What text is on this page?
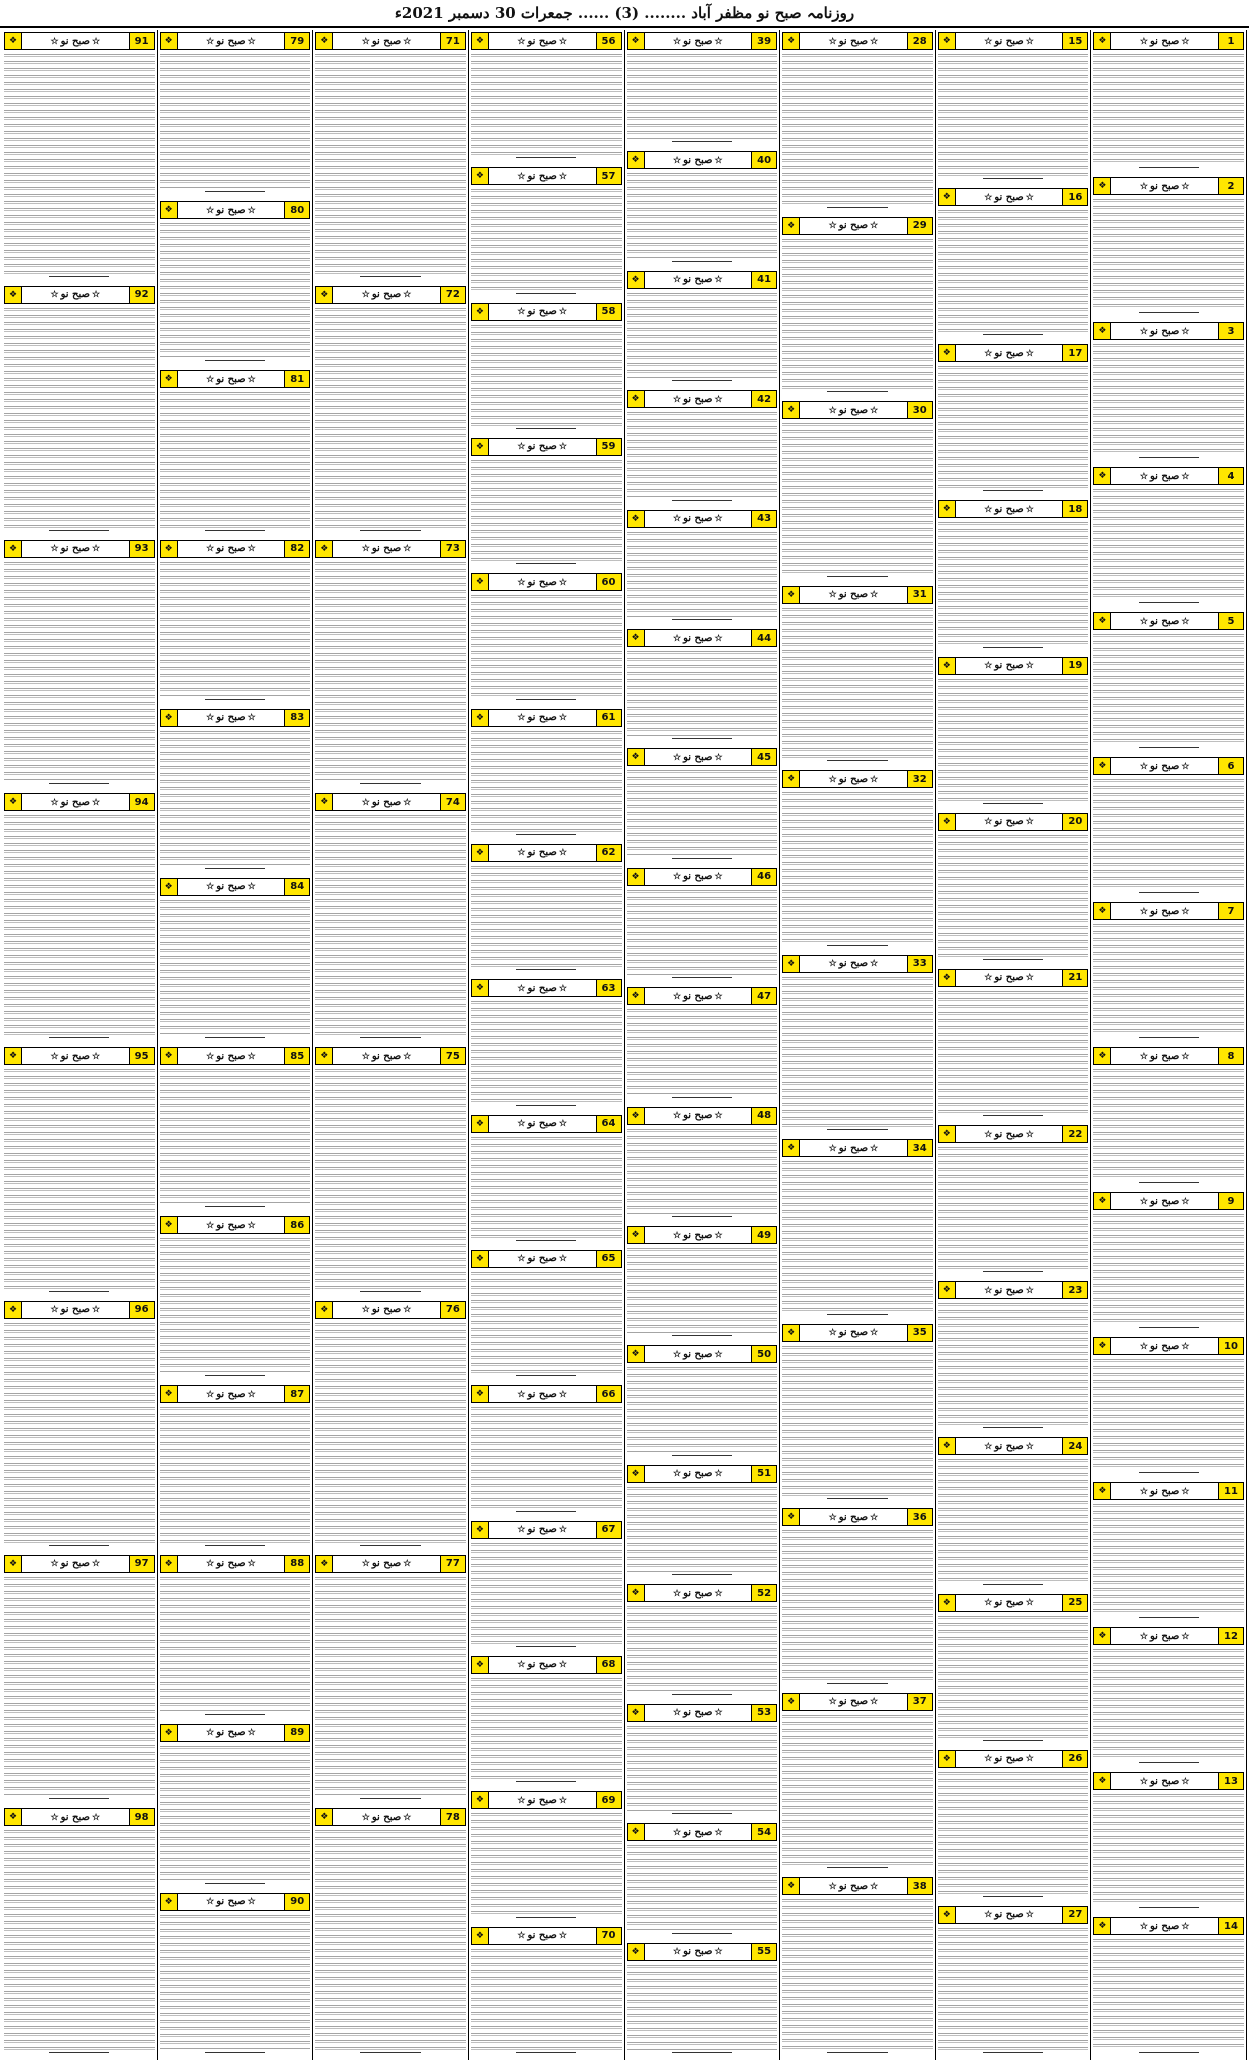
روزنامہ صبح نو مظفر آباد ........ (3) ...... جمعرات 30 دسمبر 2021ء
1
☆صبح نو☆
❖
2
☆صبح نو☆
❖
3
☆صبح نو☆
❖
4
☆صبح نو☆
❖
5
☆صبح نو☆
❖
6
☆صبح نو☆
❖
7
☆صبح نو☆
❖
8
☆صبح نو☆
❖
9
☆صبح نو☆
❖
10
☆صبح نو☆
❖
11
☆صبح نو☆
❖
12
☆صبح نو☆
❖
13
☆صبح نو☆
❖
14
☆صبح نو☆
❖
15
☆صبح نو☆
❖
16
☆صبح نو☆
❖
17
☆صبح نو☆
❖
18
☆صبح نو☆
❖
19
☆صبح نو☆
❖
20
☆صبح نو☆
❖
21
☆صبح نو☆
❖
22
☆صبح نو☆
❖
23
☆صبح نو☆
❖
24
☆صبح نو☆
❖
25
☆صبح نو☆
❖
26
☆صبح نو☆
❖
27
☆صبح نو☆
❖
28
☆صبح نو☆
❖
29
☆صبح نو☆
❖
30
☆صبح نو☆
❖
31
☆صبح نو☆
❖
32
☆صبح نو☆
❖
33
☆صبح نو☆
❖
34
☆صبح نو☆
❖
35
☆صبح نو☆
❖
36
☆صبح نو☆
❖
37
☆صبح نو☆
❖
38
☆صبح نو☆
❖
39
☆صبح نو☆
❖
40
☆صبح نو☆
❖
41
☆صبح نو☆
❖
42
☆صبح نو☆
❖
43
☆صبح نو☆
❖
44
☆صبح نو☆
❖
45
☆صبح نو☆
❖
46
☆صبح نو☆
❖
47
☆صبح نو☆
❖
48
☆صبح نو☆
❖
49
☆صبح نو☆
❖
50
☆صبح نو☆
❖
51
☆صبح نو☆
❖
52
☆صبح نو☆
❖
53
☆صبح نو☆
❖
54
☆صبح نو☆
❖
55
☆صبح نو☆
❖
56
☆صبح نو☆
❖
57
☆صبح نو☆
❖
58
☆صبح نو☆
❖
59
☆صبح نو☆
❖
60
☆صبح نو☆
❖
61
☆صبح نو☆
❖
62
☆صبح نو☆
❖
63
☆صبح نو☆
❖
64
☆صبح نو☆
❖
65
☆صبح نو☆
❖
66
☆صبح نو☆
❖
67
☆صبح نو☆
❖
68
☆صبح نو☆
❖
69
☆صبح نو☆
❖
70
☆صبح نو☆
❖
71
☆صبح نو☆
❖
72
☆صبح نو☆
❖
73
☆صبح نو☆
❖
74
☆صبح نو☆
❖
75
☆صبح نو☆
❖
76
☆صبح نو☆
❖
77
☆صبح نو☆
❖
78
☆صبح نو☆
❖
79
☆صبح نو☆
❖
80
☆صبح نو☆
❖
81
☆صبح نو☆
❖
82
☆صبح نو☆
❖
83
☆صبح نو☆
❖
84
☆صبح نو☆
❖
85
☆صبح نو☆
❖
86
☆صبح نو☆
❖
87
☆صبح نو☆
❖
88
☆صبح نو☆
❖
89
☆صبح نو☆
❖
90
☆صبح نو☆
❖
91
☆صبح نو☆
❖
92
☆صبح نو☆
❖
93
☆صبح نو☆
❖
94
☆صبح نو☆
❖
95
☆صبح نو☆
❖
96
☆صبح نو☆
❖
97
☆صبح نو☆
❖
98
☆صبح نو☆
❖
